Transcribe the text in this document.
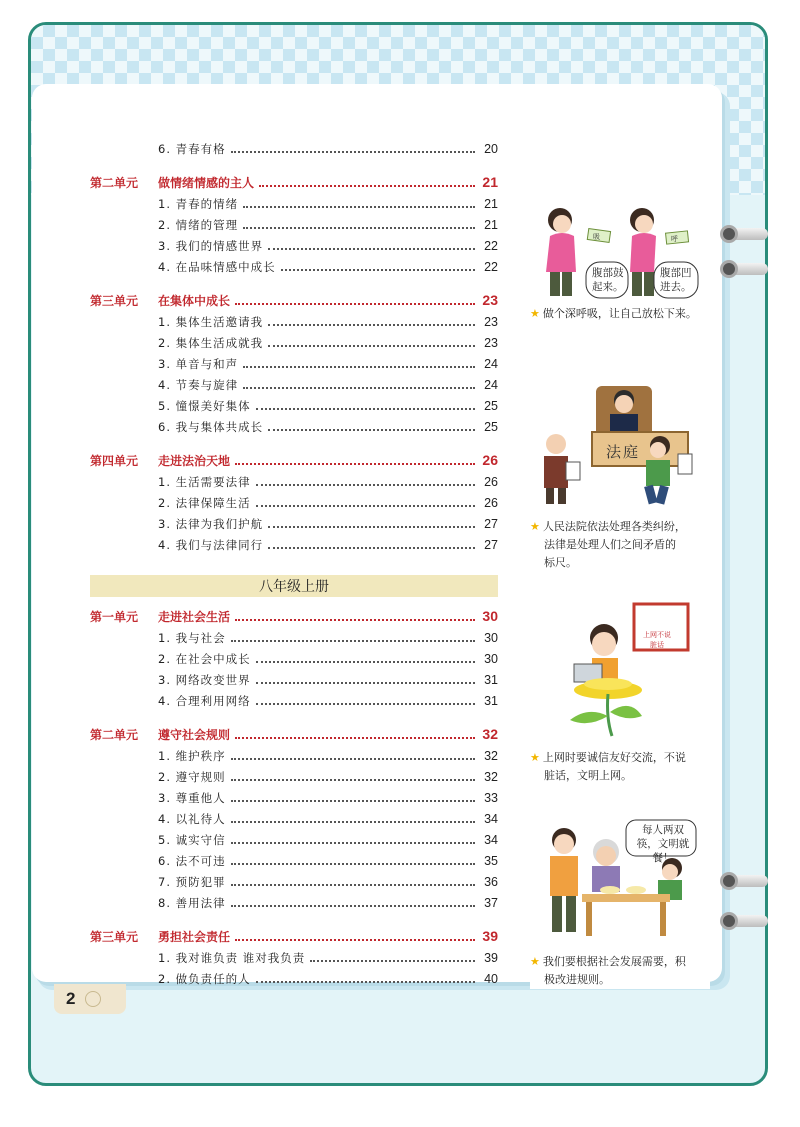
6. 青春有格	20
第二单元	做情绪情感的主人	21
1. 青春的情绪	21
2. 情绪的管理	21
3. 我们的情感世界	22
4. 在品味情感中成长	22
第三单元	在集体中成长	23
1. 集体生活邀请我	23
2. 集体生活成就我	23
3. 单音与和声	24
4. 节奏与旋律	24
5. 憧憬美好集体	25
6. 我与集体共成长	25
第四单元	走进法治天地	26
1. 生活需要法律	26
2. 法律保障生活	26
3. 法律为我们护航	27
4. 我们与法律同行	27
八年级上册
第一单元	走进社会生活	30
1. 我与社会	30
2. 在社会中成长	30
3. 网络改变世界	31
4. 合理利用网络	31
第二单元	遵守社会规则	32
1. 维护秩序	32
2. 遵守规则	32
3. 尊重他人	33
4. 以礼待人	34
5. 诚实守信	34
6. 法不可违	35
7. 预防犯罪	36
8. 善用法律	37
第三单元	勇担社会责任	39
1. 我对谁负责 谁对我负责	39
2. 做负责任的人	40
吸	呼
腹部鼓起来。
腹部凹进去。
★ 做个深呼吸，让自己放松下来。
法庭
★ 人民法院依法处理各类纠纷，
法律是处理人们之间矛盾的
标尺。
上网不说脏话
★ 上网时要诚信友好交流，不说
脏话，文明上网。
每人两双筷，文明就餐！
★ 我们要根据社会发展需要，积
极改进规则。
2
